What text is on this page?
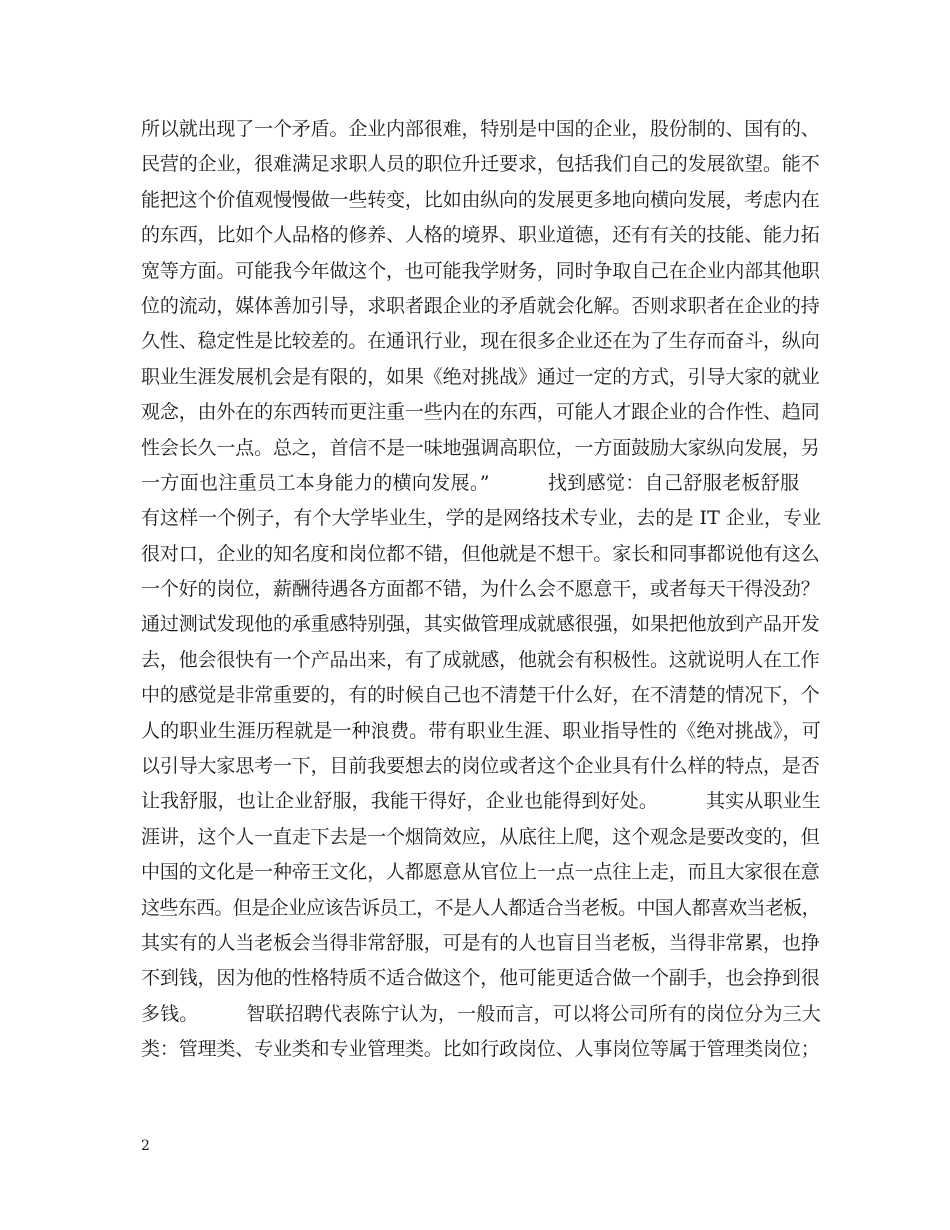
所以就出现了一个矛盾。企业内部很难，特别是中国的企业，股份制的、国有的、
民营的企业，很难满足求职人员的职位升迁要求，包括我们自己的发展欲望。能不
能把这个价值观慢慢做一些转变，比如由纵向的发展更多地向横向发展，考虑内在
的东西，比如个人品格的修养、人格的境界、职业道德，还有有关的技能、能力拓
宽等方面。可能我今年做这个，也可能我学财务，同时争取自己在企业内部其他职
位的流动，媒体善加引导，求职者跟企业的矛盾就会化解。否则求职者在企业的持
久性、稳定性是比较差的。在通讯行业，现在很多企业还在为了生存而奋斗，纵向
职业生涯发展机会是有限的，如果《绝对挑战》通过一定的方式，引导大家的就业
观念，由外在的东西转而更注重一些内在的东西，可能人才跟企业的合作性、趋同
性会长久一点。总之，首信不是一味地强调高职位，一方面鼓励大家纵向发展，另
一方面也注重员工本身能力的横向发展。”　　　找到感觉：自己舒服老板舒服
有这样一个例子，有个大学毕业生，学的是网络技术专业，去的是 IT 企业，专业
很对口，企业的知名度和岗位都不错，但他就是不想干。家长和同事都说他有这么
一个好的岗位，薪酬待遇各方面都不错，为什么会不愿意干，或者每天干得没劲？
通过测试发现他的承重感特别强，其实做管理成就感很强，如果把他放到产品开发
去，他会很快有一个产品出来，有了成就感，他就会有积极性。这就说明人在工作
中的感觉是非常重要的，有的时候自己也不清楚干什么好，在不清楚的情况下，个
人的职业生涯历程就是一种浪费。带有职业生涯、职业指导性的《绝对挑战》，可
以引导大家思考一下，目前我要想去的岗位或者这个企业具有什么样的特点，是否
让我舒服，也让企业舒服，我能干得好，企业也能得到好处。　　　其实从职业生
涯讲，这个人一直走下去是一个烟筒效应，从底往上爬，这个观念是要改变的，但
中国的文化是一种帝王文化，人都愿意从官位上一点一点往上走，而且大家很在意
这些东西。但是企业应该告诉员工，不是人人都适合当老板。中国人都喜欢当老板，
其实有的人当老板会当得非常舒服，可是有的人也盲目当老板，当得非常累，也挣
不到钱，因为他的性格特质不适合做这个，他可能更适合做一个副手，也会挣到很
多钱。　　　智联招聘代表陈宁认为，一般而言，可以将公司所有的岗位分为三大
类：管理类、专业类和专业管理类。比如行政岗位、人事岗位等属于管理类岗位；
2
